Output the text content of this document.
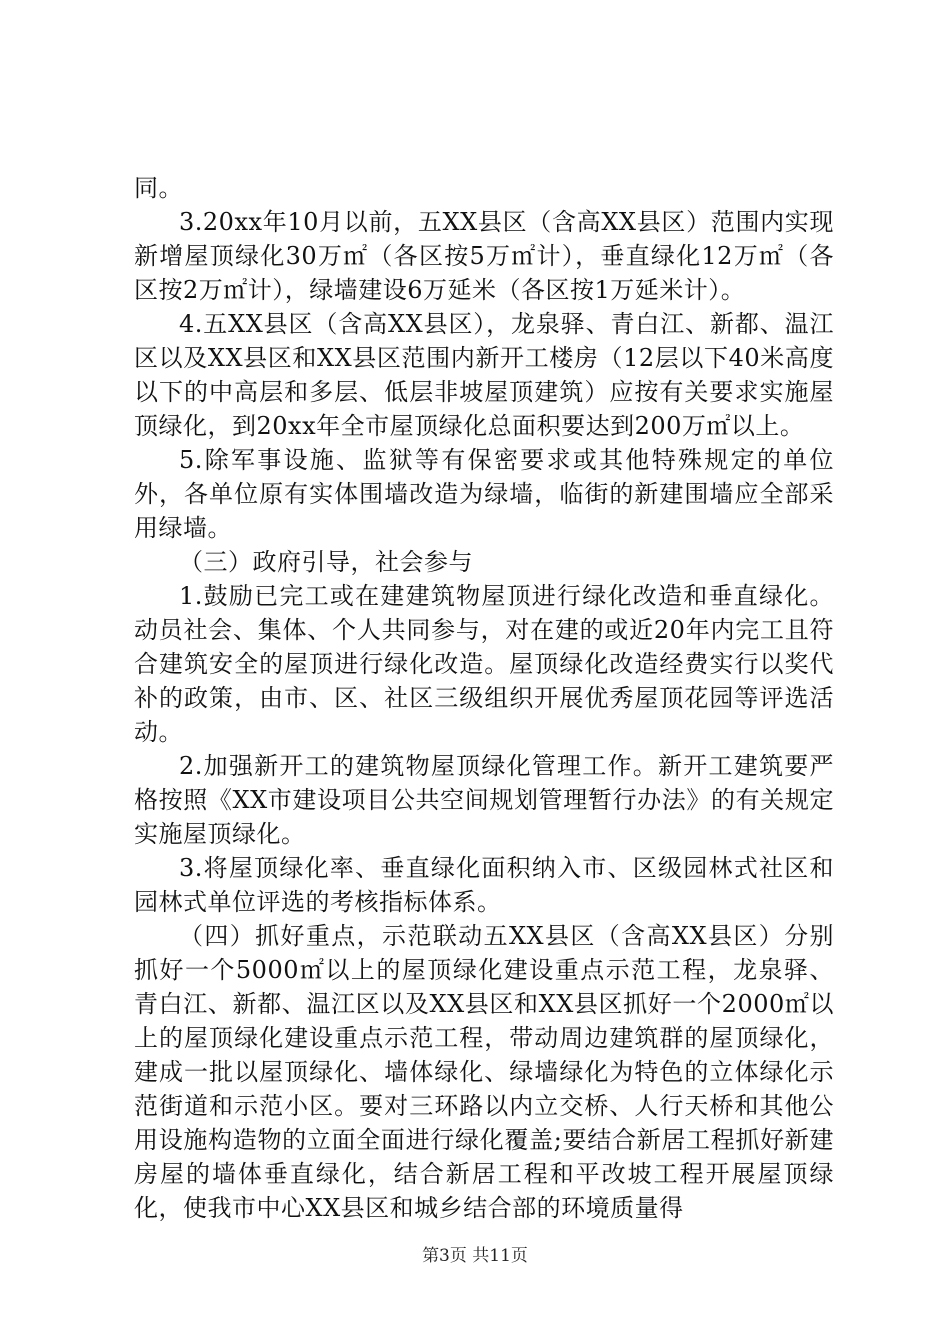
同。

3.20xx年10月以前，五XX县区（含高XX县区）范围内实现新增屋顶绿化30万㎡（各区按5万㎡计），垂直绿化12万㎡（各区按2万㎡计），绿墙建设6万延米（各区按1万延米计）。

4.五XX县区（含高XX县区），龙泉驿、青白江、新都、温江区以及XX县区和XX县区范围内新开工楼房（12层以下40米高度以下的中高层和多层、低层非坡屋顶建筑）应按有关要求实施屋顶绿化，到20xx年全市屋顶绿化总面积要达到200万㎡以上。

5.除军事设施、监狱等有保密要求或其他特殊规定的单位外，各单位原有实体围墙改造为绿墙，临街的新建围墙应全部采用绿墙。

（三）政府引导，社会参与

1.鼓励已完工或在建建筑物屋顶进行绿化改造和垂直绿化。动员社会、集体、个人共同参与，对在建的或近20年内完工且符合建筑安全的屋顶进行绿化改造。屋顶绿化改造经费实行以奖代补的政策，由市、区、社区三级组织开展优秀屋顶花园等评选活动。

2.加强新开工的建筑物屋顶绿化管理工作。新开工建筑要严格按照《XX市建设项目公共空间规划管理暂行办法》的有关规定实施屋顶绿化。

3.将屋顶绿化率、垂直绿化面积纳入市、区级园林式社区和园林式单位评选的考核指标体系。

（四）抓好重点，示范联动五XX县区（含高XX县区）分别抓好一个5000㎡以上的屋顶绿化建设重点示范工程，龙泉驿、青白江、新都、温江区以及XX县区和XX县区抓好一个2000㎡以上的屋顶绿化建设重点示范工程，带动周边建筑群的屋顶绿化，建成一批以屋顶绿化、墙体绿化、绿墙绿化为特色的立体绿化示范街道和示范小区。要对三环路以内立交桥、人行天桥和其他公用设施构造物的立面全面进行绿化覆盖;要结合新居工程抓好新建房屋的墙体垂直绿化，结合新居工程和平改坡工程开展屋顶绿化，使我市中心XX县区和城乡结合部的环境质量得

第3页 共11页
